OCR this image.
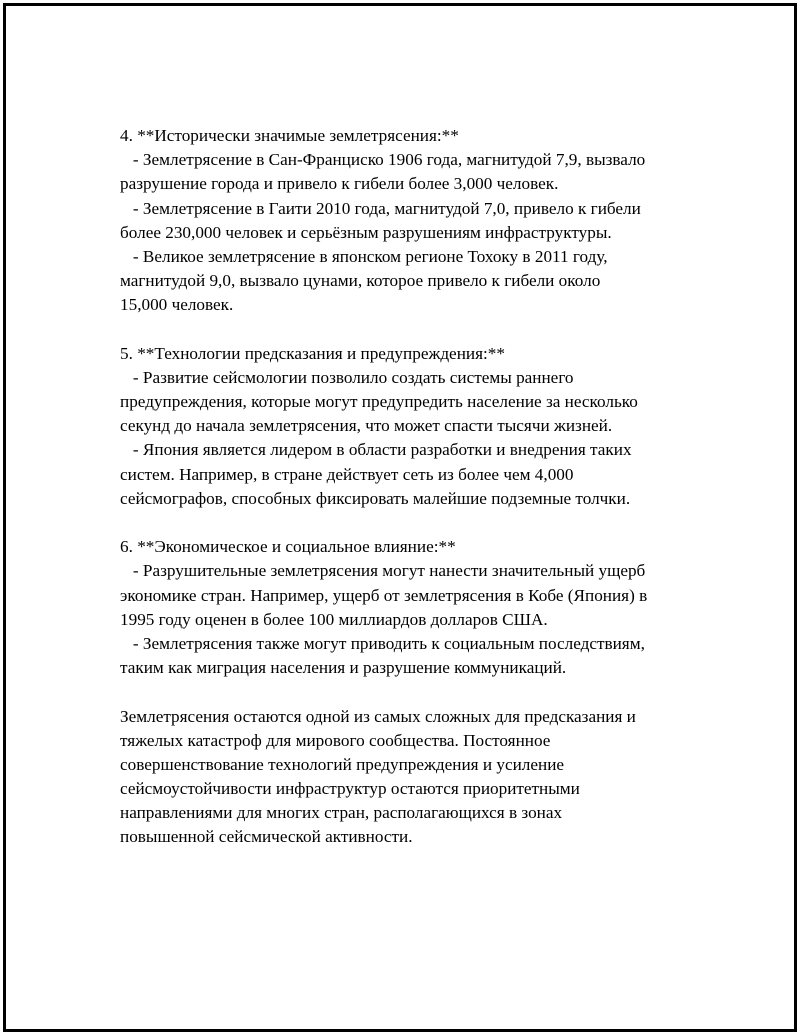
4. **Исторически значимые землетрясения:**
- Землетрясение в Сан-Франциско 1906 года, магнитудой 7,9, вызвало
разрушение города и привело к гибели более 3,000 человек.
- Землетрясение в Гаити 2010 года, магнитудой 7,0, привело к гибели
более 230,000 человек и серьёзным разрушениям инфраструктуры.
- Великое землетрясение в японском регионе Тохоку в 2011 году,
магнитудой 9,0, вызвало цунами, которое привело к гибели около
15,000 человек.
5. **Технологии предсказания и предупреждения:**
- Развитие сейсмологии позволило создать системы раннего
предупреждения, которые могут предупредить население за несколько
секунд до начала землетрясения, что может спасти тысячи жизней.
- Япония является лидером в области разработки и внедрения таких
систем. Например, в стране действует сеть из более чем 4,000
сейсмографов, способных фиксировать малейшие подземные толчки.
6. **Экономическое и социальное влияние:**
- Разрушительные землетрясения могут нанести значительный ущерб
экономике стран. Например, ущерб от землетрясения в Кобе (Япония) в
1995 году оценен в более 100 миллиардов долларов США.
- Землетрясения также могут приводить к социальным последствиям,
таким как миграция населения и разрушение коммуникаций.
Землетрясения остаются одной из самых сложных для предсказания и
тяжелых катастроф для мирового сообщества. Постоянное
совершенствование технологий предупреждения и усиление
сейсмоустойчивости инфраструктур остаются приоритетными
направлениями для многих стран, располагающихся в зонах
повышенной сейсмической активности.
